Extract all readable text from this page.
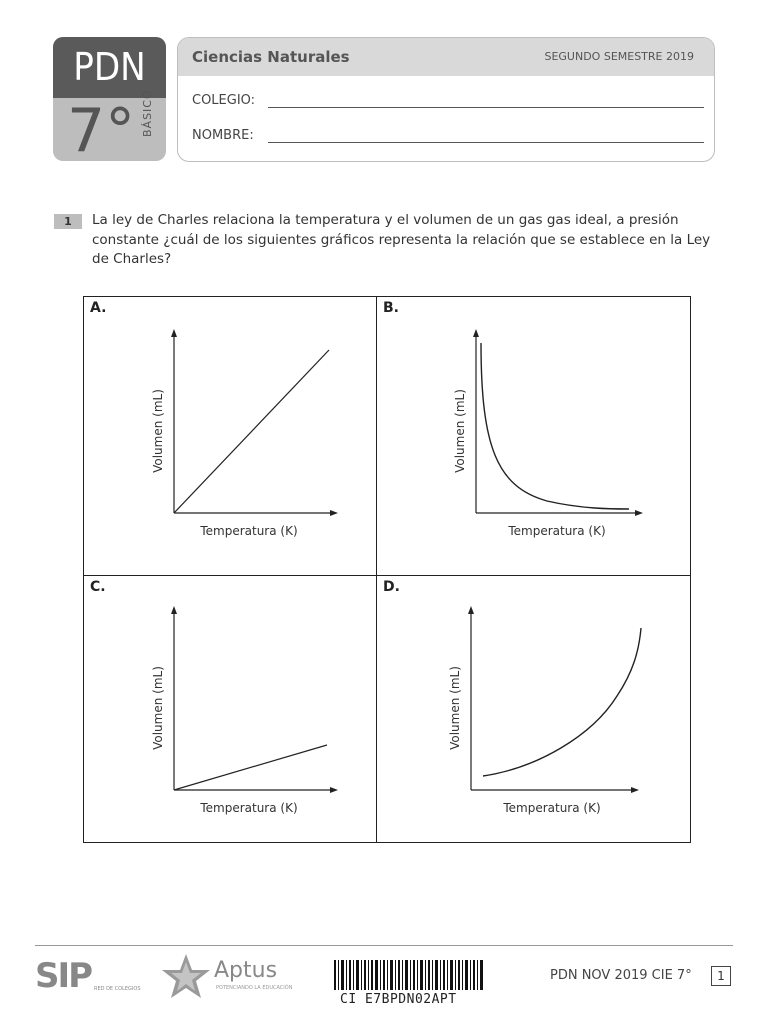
PDN
7° BÁSICO
Ciencias Naturales	SEGUNDO SEMESTRE 2019
COLEGIO:
NOMBRE:
1	La ley de Charles relaciona la temperatura y el volumen de un gas gas ideal, a presión constante ¿cuál de los siguientes gráficos representa la relación que se establece en la Ley de Charles?
A.
Temperatura (K)
Volumen (mL)
B.
Temperatura (K)
Volumen (mL)
C.
Temperatura (K)
Volumen (mL)
D.
Temperatura (K)
Volumen (mL)
SIP RED DE COLEGIOS
Aptus
POTENCIANDO LA EDUCACIÓN
CI E7BPDN02APT
PDN NOV 2019 CIE 7°	1
